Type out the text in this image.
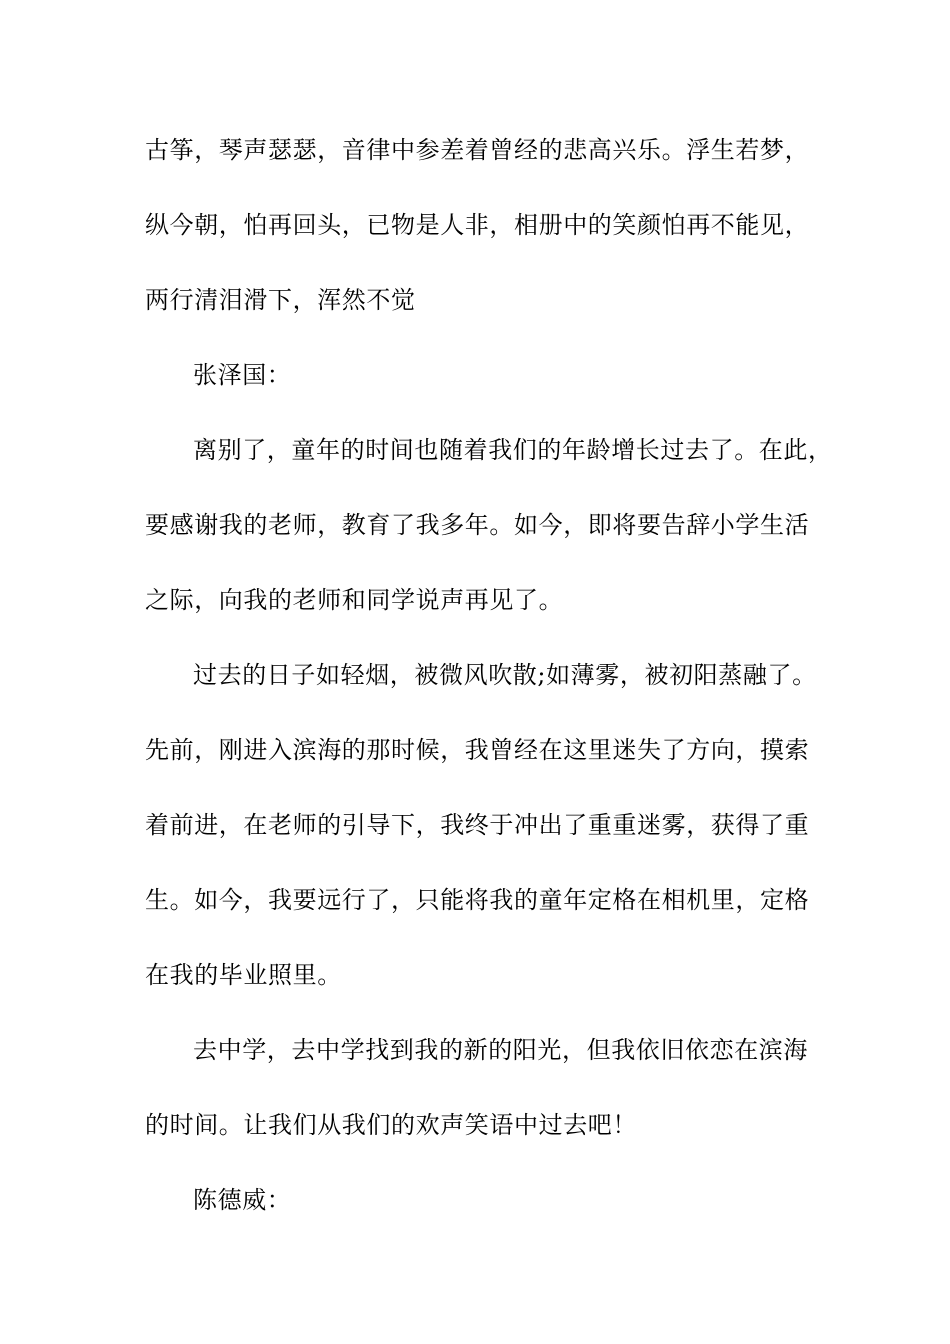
古筝，琴声瑟瑟，音律中参差着曾经的悲高兴乐。浮生若梦，
纵今朝，怕再回头，已物是人非，相册中的笑颜怕再不能见，
两行清泪滑下，浑然不觉
张泽国：
离别了，童年的时间也随着我们的年龄增长过去了。在此，
要感谢我的老师，教育了我多年。如今，即将要告辞小学生活
之际，向我的老师和同学说声再见了。
过去的日子如轻烟，被微风吹散;如薄雾，被初阳蒸融了。
先前，刚进入滨海的那时候，我曾经在这里迷失了方向，摸索
着前进，在老师的引导下，我终于冲出了重重迷雾，获得了重
生。如今，我要远行了，只能将我的童年定格在相机里，定格
在我的毕业照里。
去中学，去中学找到我的新的阳光，但我依旧依恋在滨海
的时间。让我们从我们的欢声笑语中过去吧！
陈德威：
